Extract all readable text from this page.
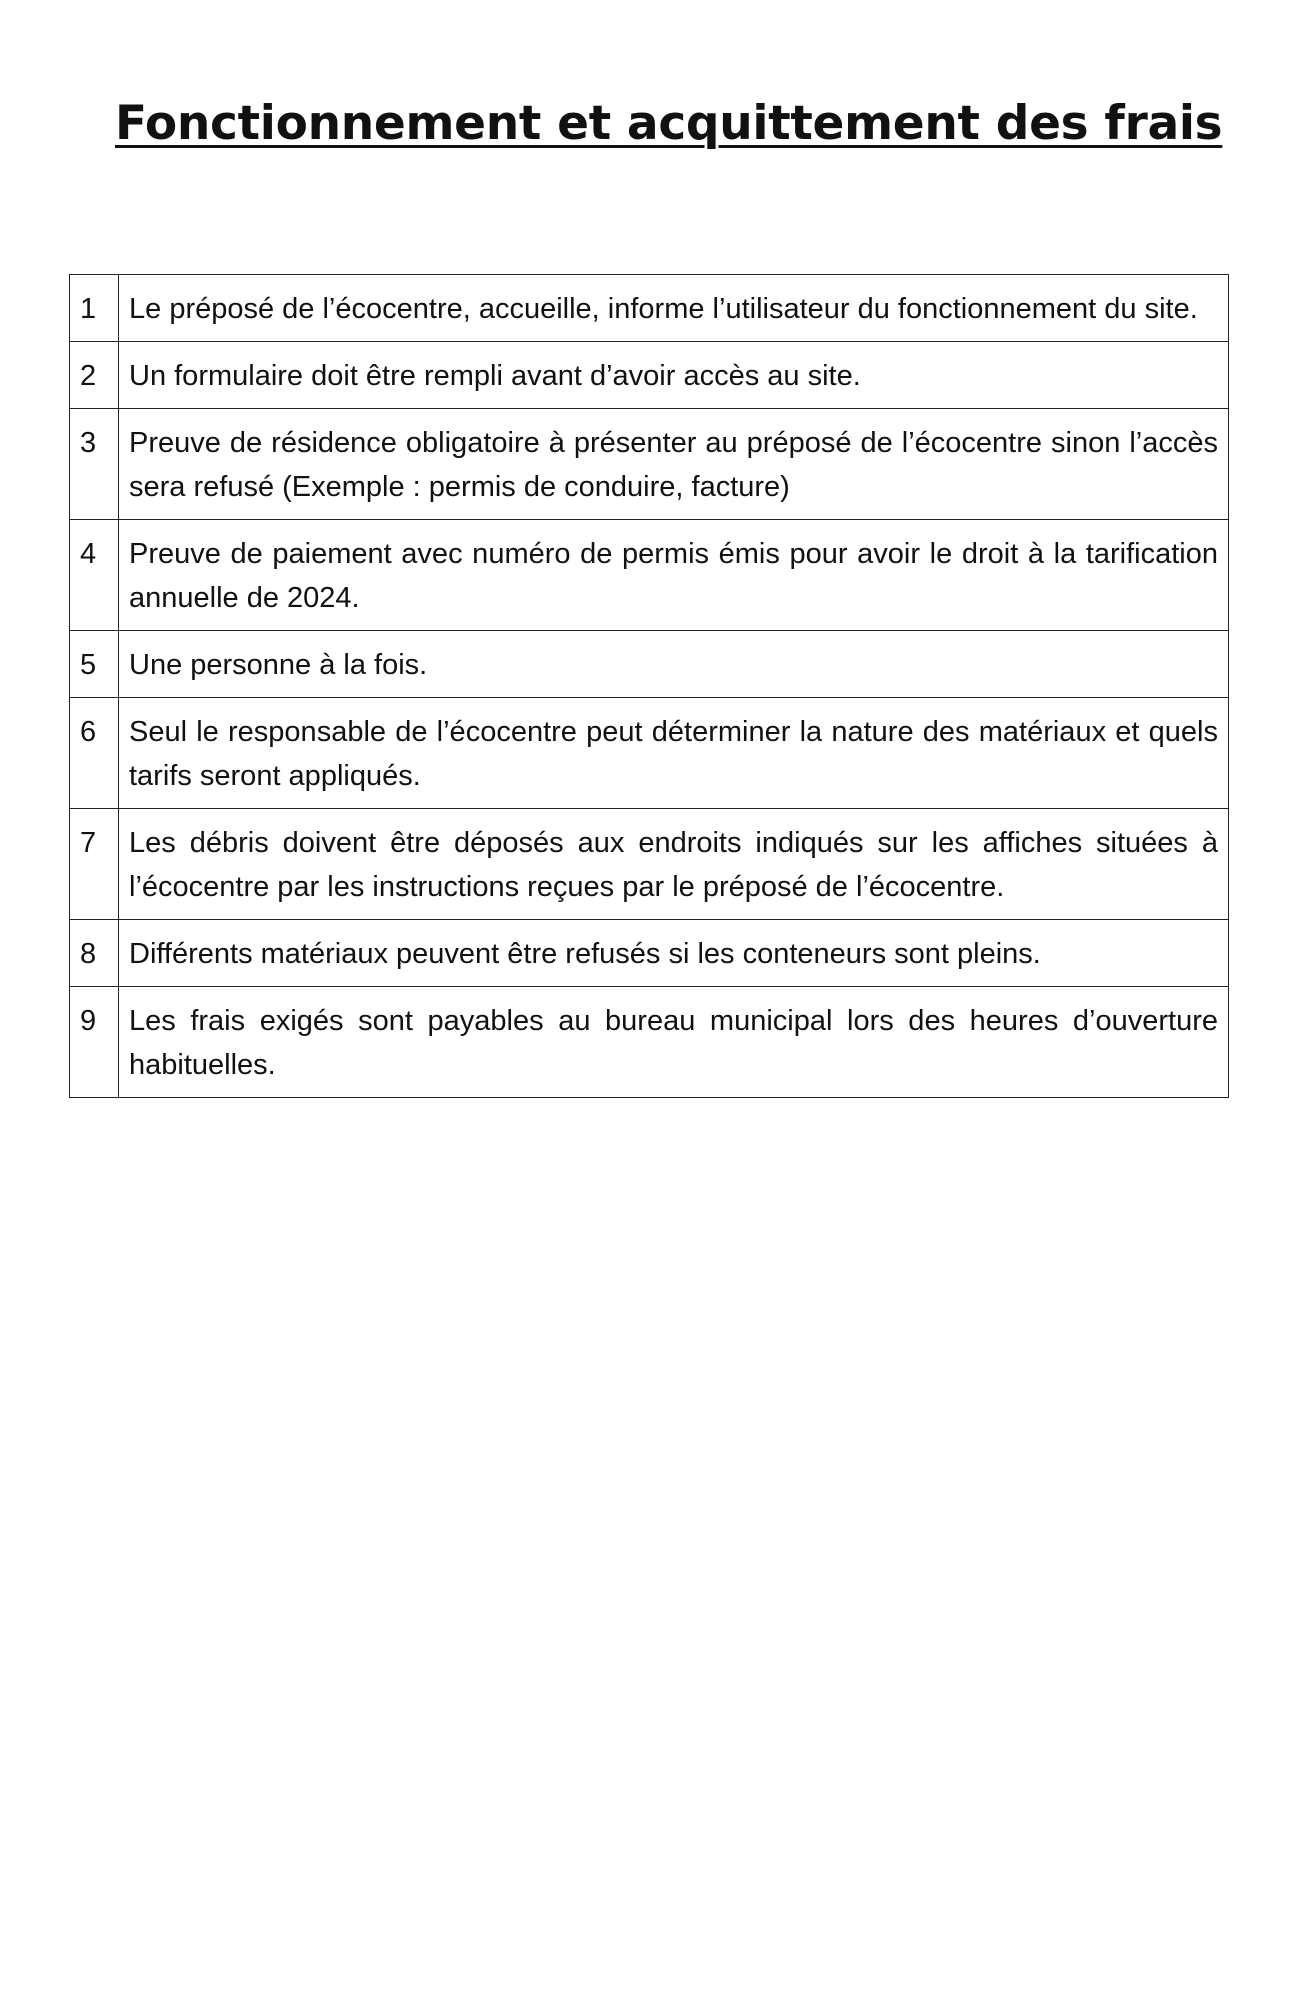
Fonctionnement et acquittement des frais
1	Le préposé de l’écocentre, accueille, informe l’utilisateur du fonctionnement du site.
2	Un formulaire doit être rempli avant d’avoir accès au site.
3	Preuve de résidence obligatoire à présenter au préposé de l’écocentre sinon l’accès sera refusé (Exemple : permis de conduire, facture)
4	Preuve de paiement avec numéro de permis émis pour avoir le droit à la tarification annuelle de 2024.
5	Une personne à la fois.
6	Seul le responsable de l’écocentre peut déterminer la nature des matériaux et quels tarifs seront appliqués.
7	Les débris doivent être déposés aux endroits indiqués sur les affiches situées à l’écocentre par les instructions reçues par le préposé de l’écocentre.
8	Différents matériaux peuvent être refusés si les conteneurs sont pleins.
9	Les frais exigés sont payables au bureau municipal lors des heures d’ouverture habituelles.
